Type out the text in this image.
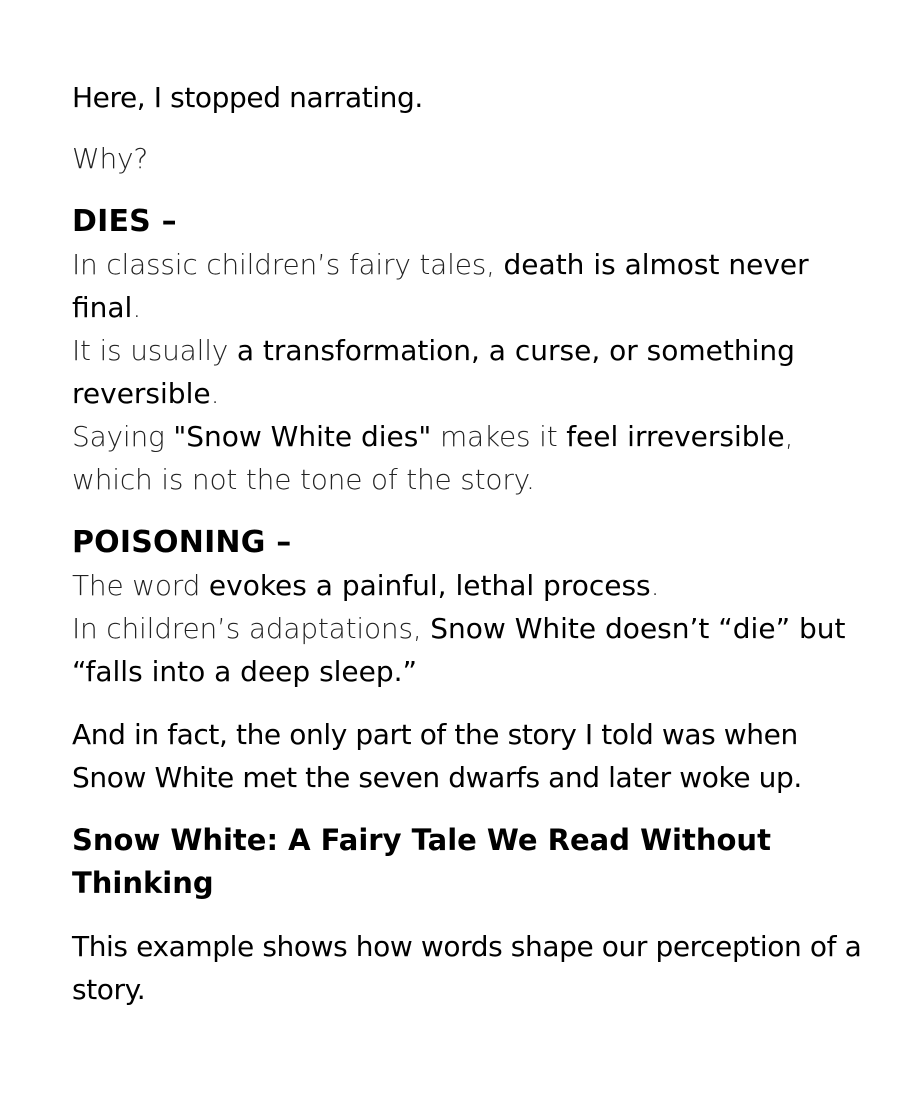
Here, I stopped narrating.

Why?

DIES –

In classic children’s fairy tales, death is almost never final.

It is usually a transformation, a curse, or something reversible.

Saying "Snow White dies" makes it feel irreversible, which is not the tone of the story.

POISONING –

The word evokes a painful, lethal process.

In children’s adaptations, Snow White doesn’t “die” but “falls into a deep sleep.”

And in fact, the only part of the story I told was when Snow White met the seven dwarfs and later woke up.

Snow White: A Fairy Tale We Read Without Thinking

This example shows how words shape our perception of a story.
